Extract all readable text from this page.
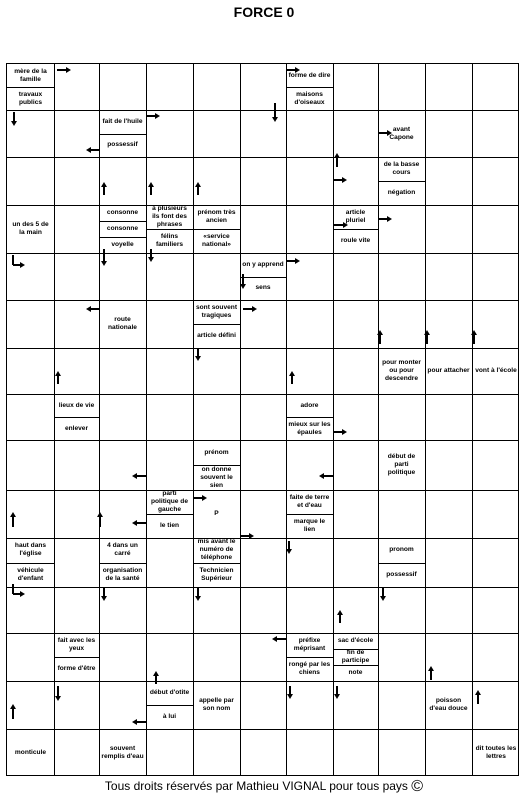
FORCE 0
mère de la famille
travaux publics
forme de dire
maisons d'oiseaux
fait de l'huile
possessif
avant Capone
de la basse cours
négation
un des 5 de la main
consonne
consonne
voyelle
à plusieurs ils font des phrases
félins familiers
prénom très ancien
«service national»
article pluriel
roule vite
on y apprend
sens
route nationale
sont souvent tragiques
article défini
pour monter ou pour descendre
pour attacher vont à l'école
lieux de vie
enlever
adore
mieux sur les épaules
prénom
on donne souvent le sien
début de parti politique
parti politique de gauche
le tien
P
faite de terre et d'eau
marque le lien
haut dans l'église
véhicule d'enfant
4 dans un carré
organisation de la santé
mis avant le numéro de téléphone
Technicien Supérieur
pronom
possessif
fait avec les yeux
forme d'être
préfixe méprisant
sac d'école
fin de participe
rongé par les chiens	note
début d'otite
à lui
appelle par son nom
poisson d'eau douce
monticule
souvent remplis d'eau
dit toutes les lettres
Tous droits réservés par Mathieu VIGNAL pour tous pays ©
